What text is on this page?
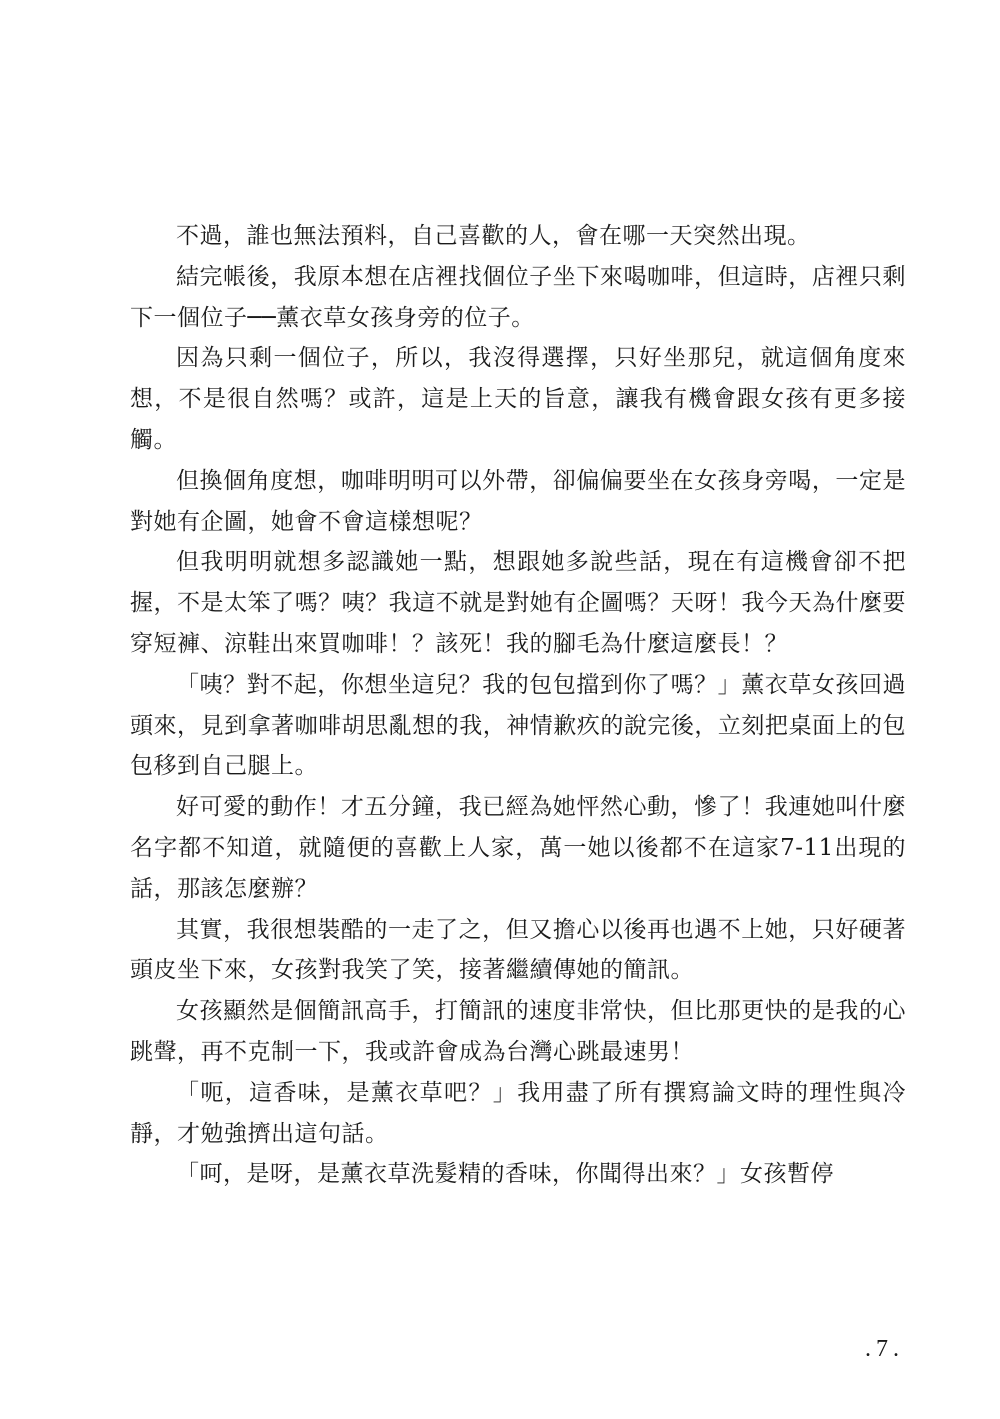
不過，誰也無法預料，自己喜歡的人，會在哪一天突然出現。

結完帳後，我原本想在店裡找個位子坐下來喝咖啡，但這時，店裡只剩下一個位子──薰衣草女孩身旁的位子。

因為只剩一個位子，所以，我沒得選擇，只好坐那兒，就這個角度來想，不是很自然嗎？或許，這是上天的旨意，讓我有機會跟女孩有更多接觸。

但換個角度想，咖啡明明可以外帶，卻偏偏要坐在女孩身旁喝，一定是對她有企圖，她會不會這樣想呢？

但我明明就想多認識她一點，想跟她多說些話，現在有這機會卻不把握，不是太笨了嗎？咦？我這不就是對她有企圖嗎？天呀！我今天為什麼要穿短褲、涼鞋出來買咖啡！？該死！我的腳毛為什麼這麼長！？

「咦？對不起，你想坐這兒？我的包包擋到你了嗎？」薰衣草女孩回過頭來，見到拿著咖啡胡思亂想的我，神情歉疚的說完後，立刻把桌面上的包包移到自己腿上。

好可愛的動作！才五分鐘，我已經為她怦然心動，慘了！我連她叫什麼名字都不知道，就隨便的喜歡上人家，萬一她以後都不在這家7-11出現的話，那該怎麼辦？

其實，我很想裝酷的一走了之，但又擔心以後再也遇不上她，只好硬著頭皮坐下來，女孩對我笑了笑，接著繼續傳她的簡訊。

女孩顯然是個簡訊高手，打簡訊的速度非常快，但比那更快的是我的心跳聲，再不克制一下，我或許會成為台灣心跳最速男！

「呃，這香味，是薰衣草吧？」我用盡了所有撰寫論文時的理性與冷靜，才勉強擠出這句話。

「呵，是呀，是薰衣草洗髮精的香味，你聞得出來？」女孩暫停

.7.
